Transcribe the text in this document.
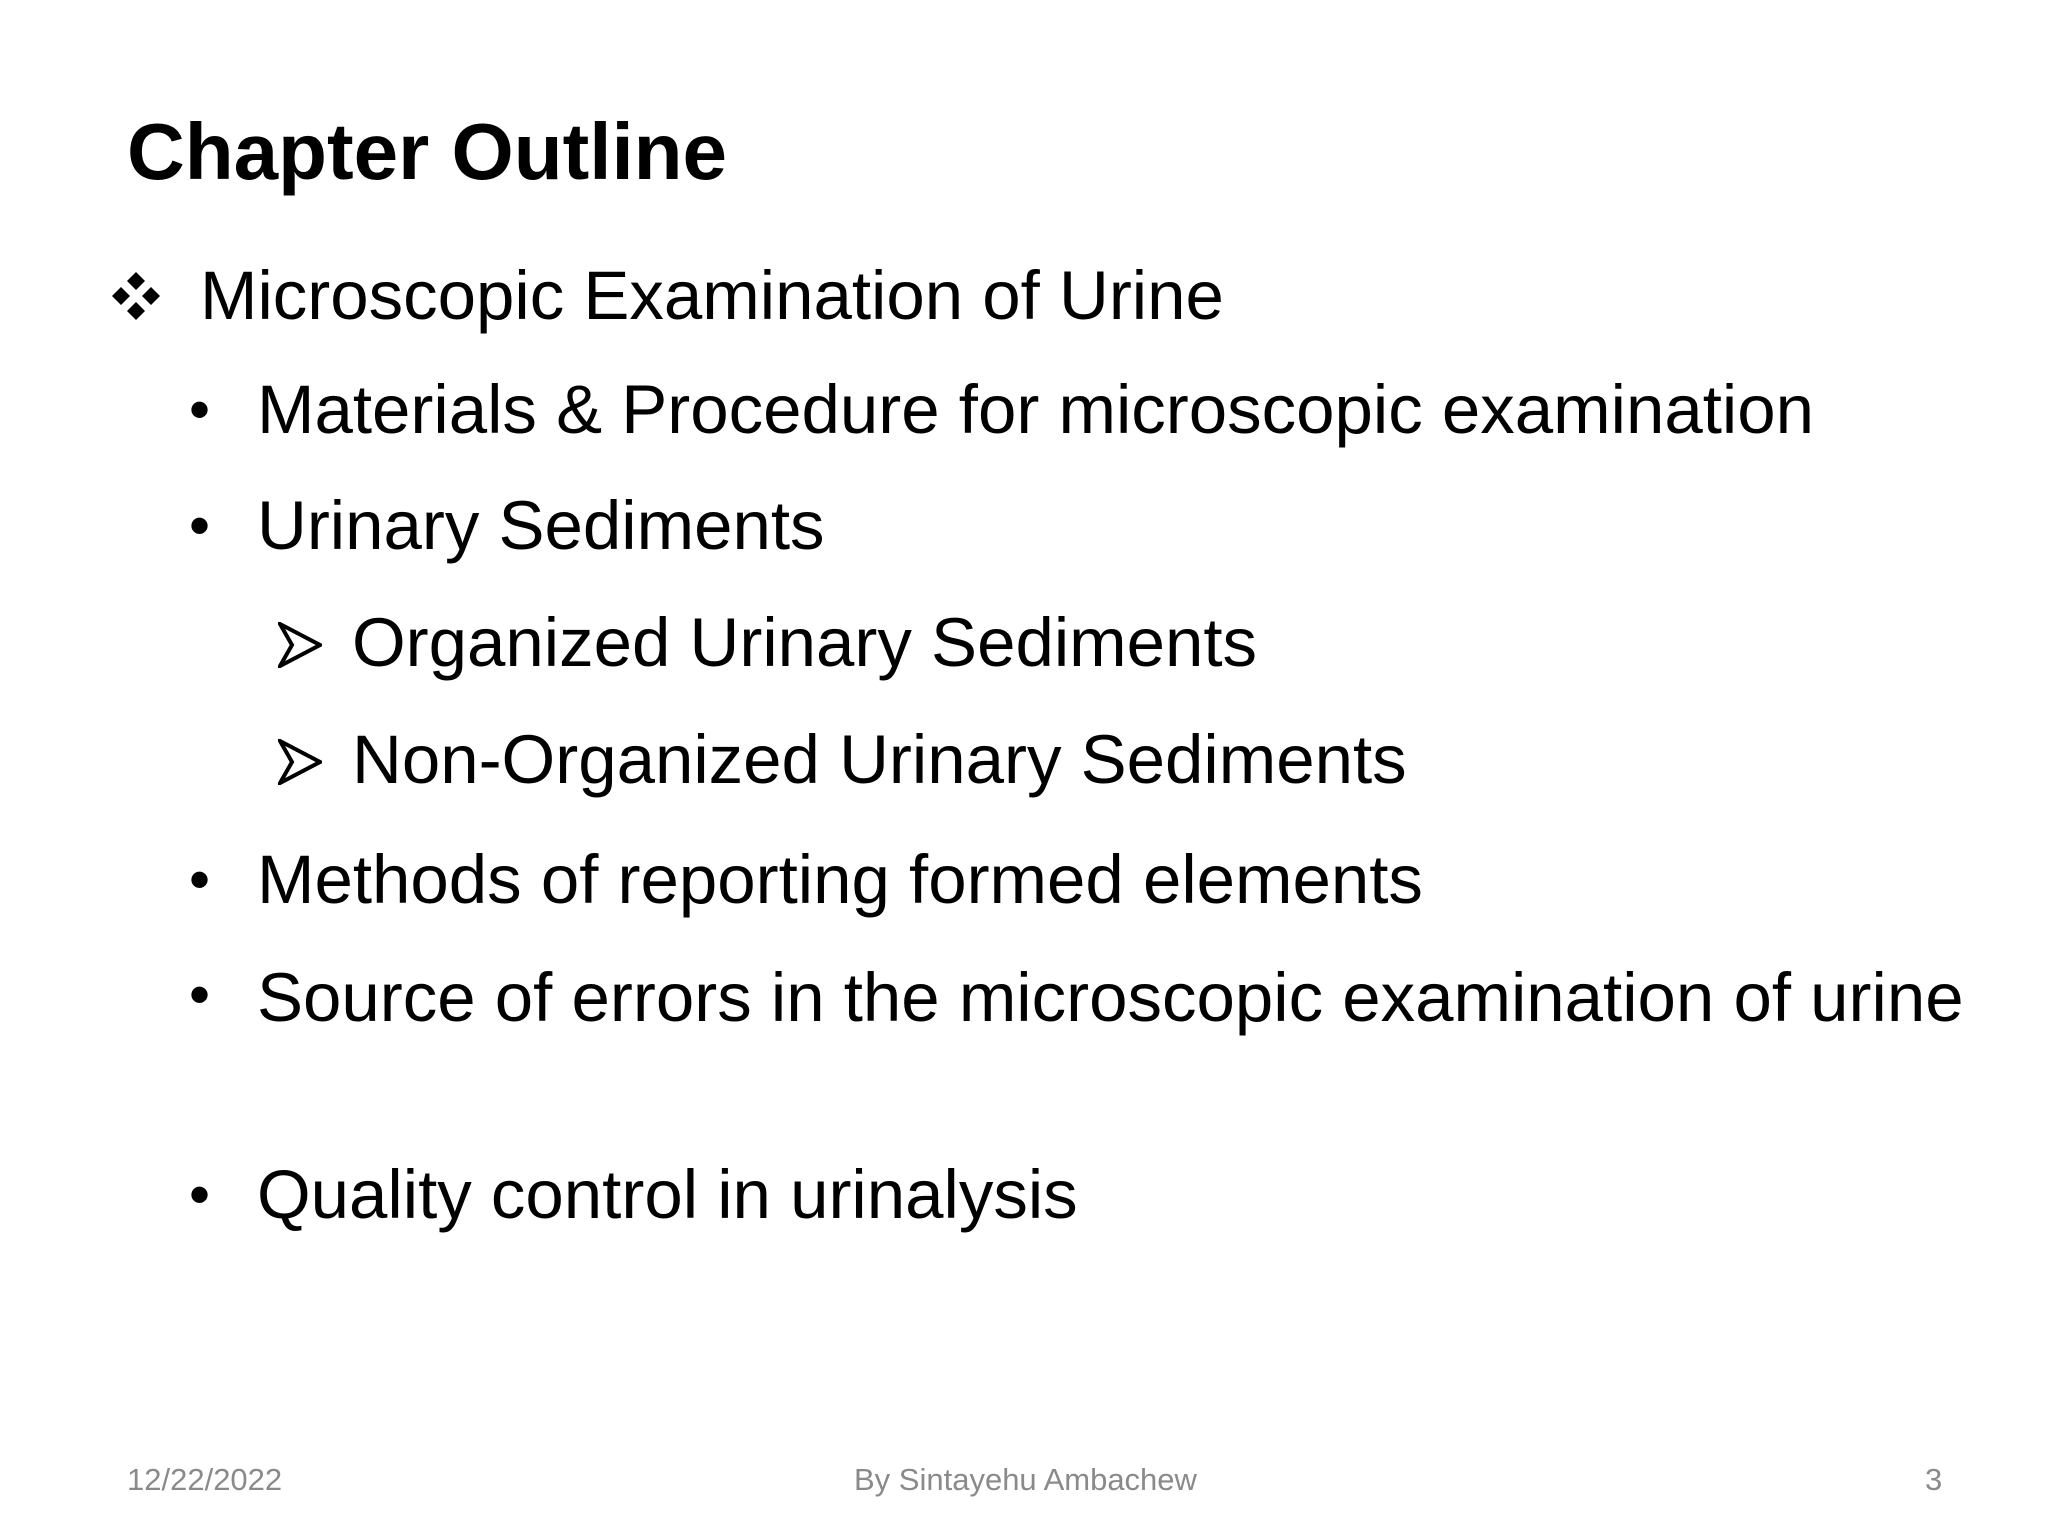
Chapter Outline
Microscopic Examination of Urine
• Materials & Procedure for microscopic examination
• Urinary Sediments
Organized Urinary Sediments
Non-Organized Urinary Sediments
• Methods of reporting formed elements
• Source of errors in the microscopic examination of urine
• Quality control in urinalysis
12/22/2022	By Sintayehu Ambachew	3
